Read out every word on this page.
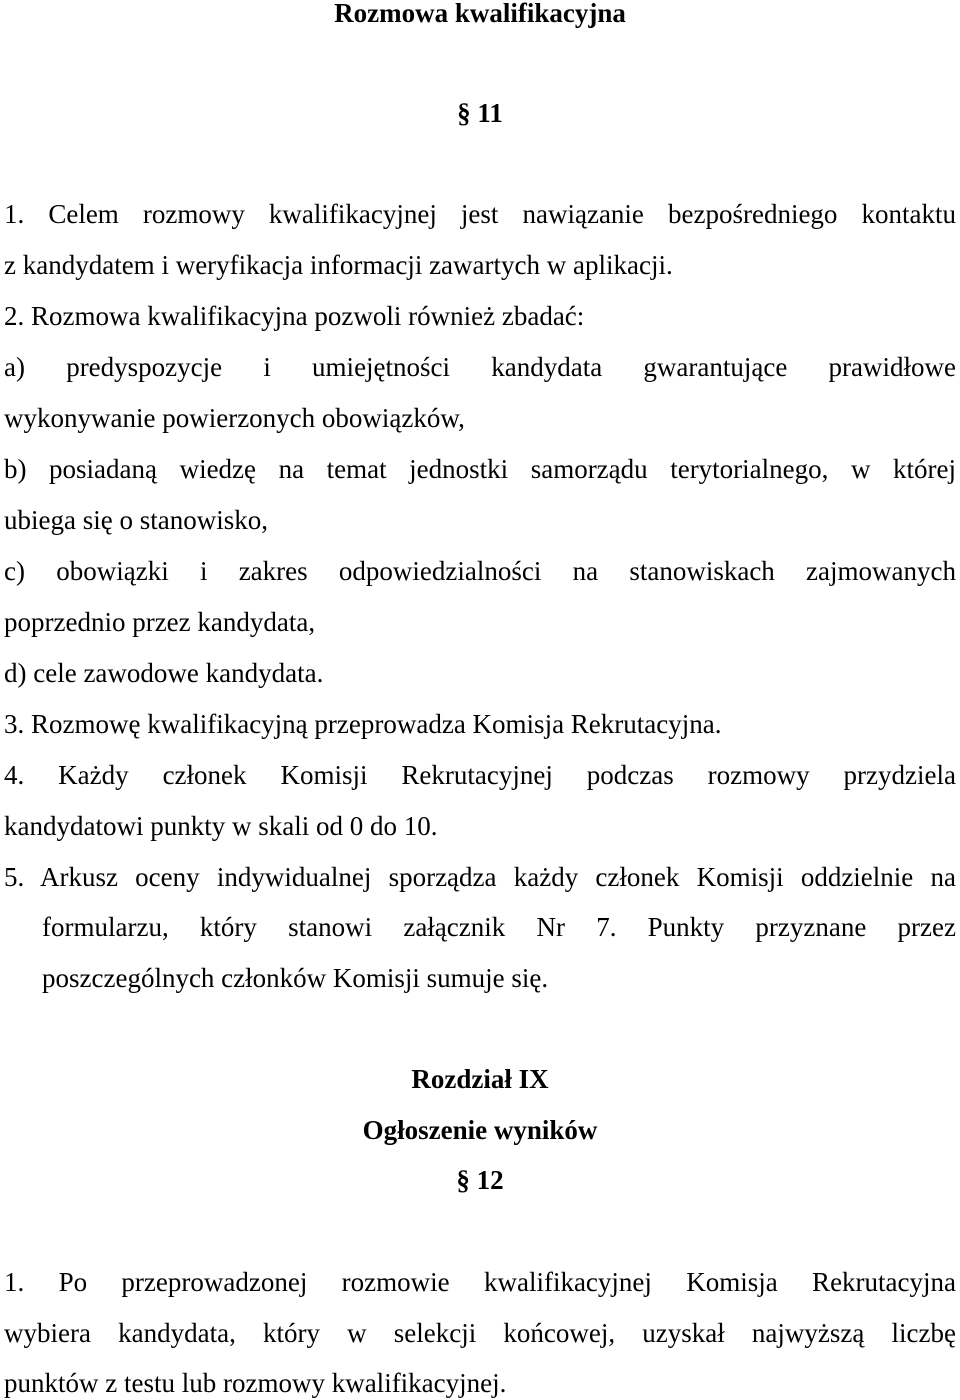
Rozmowa kwalifikacyjna
§ 11
1. Celem rozmowy kwalifikacyjnej jest nawiązanie bezpośredniego kontaktu
z kandydatem i weryfikacja informacji zawartych w aplikacji.
2. Rozmowa kwalifikacyjna pozwoli również zbadać:
a) predyspozycje i umiejętności kandydata gwarantujące prawidłowe
wykonywanie powierzonych obowiązków,
b) posiadaną wiedzę na temat jednostki samorządu terytorialnego, w której
ubiega się o stanowisko,
c) obowiązki i zakres odpowiedzialności na stanowiskach zajmowanych
poprzednio przez kandydata,
d) cele zawodowe kandydata.
3. Rozmowę kwalifikacyjną przeprowadza Komisja Rekrutacyjna.
4. Każdy członek Komisji Rekrutacyjnej podczas rozmowy przydziela
kandydatowi punkty w skali od 0 do 10.
5. Arkusz oceny indywidualnej sporządza każdy członek Komisji oddzielnie na
formularzu, który stanowi załącznik Nr 7. Punkty przyznane przez
poszczególnych członków Komisji sumuje się.
Rozdział IX
Ogłoszenie wyników
§ 12
1. Po przeprowadzonej rozmowie kwalifikacyjnej Komisja Rekrutacyjna
wybiera kandydata, który w selekcji końcowej, uzyskał najwyższą liczbę
punktów z testu lub rozmowy kwalifikacyjnej.
